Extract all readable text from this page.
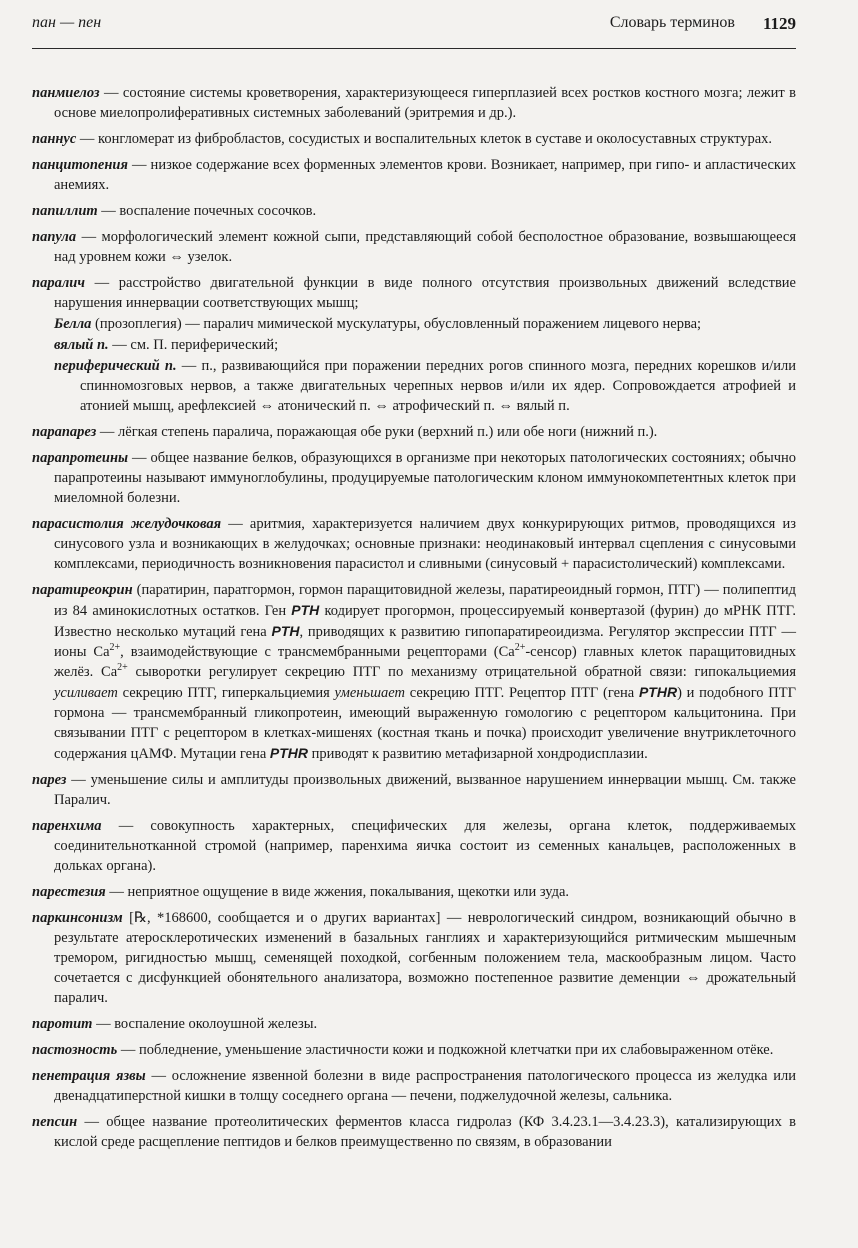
пан — пен	Словарь терминов 1129

панмиелоз — состояние системы кроветворения, характеризующееся гиперплазией всех ростков костного мозга; лежит в основе миелопролиферативных системных заболеваний (эритремия и др.).

паннус — конгломерат из фибробластов, сосудистых и воспалительных клеток в суставе и околосуставных структурах.

панцитопения — низкое содержание всех форменных элементов крови. Возникает, например, при гипо- и апластических анемиях.

папиллит — воспаление почечных сосочков.

папула — морфологический элемент кожной сыпи, представляющий собой бесполостное образование, возвышающееся над уровнем кожи ⇔ узелок.

паралич — расстройство двигательной функции в виде полного отсутствия произвольных движений вследствие нарушения иннервации соответствующих мышц;

Белла (прозоплегия) — паралич мимической мускулатуры, обусловленный поражением лицевого нерва;

вялый п. — см. П. периферический;

периферический п. — п., развивающийся при поражении передних рогов спинного мозга, передних корешков и/или спинномозговых нервов, а также двигательных черепных нервов и/или их ядер. Сопровождается атрофией и атонией мышц, арефлексией ⇔ атонический п. ⇔ атрофический п. ⇔ вялый п.

парапарез — лёгкая степень паралича, поражающая обе руки (верхний п.) или обе ноги (нижний п.).

парапротеины — общее название белков, образующихся в организме при некоторых патологических состояниях; обычно парапротеины называют иммуноглобулины, продуцируемые патологическим клоном иммунокомпетентных клеток при миеломной болезни.

парасистолия желудочковая — аритмия, характеризуется наличием двух конкурирующих ритмов, проводящихся из синусового узла и возникающих в желудочках; основные признаки: неодинаковый интервал сцепления с синусовыми комплексами, периодичность возникновения парасистол и сливными (синусовый + парасистолический) комплексами.

паратиреокрин (паратирин, паратгормон, гормон паращитовидной железы, паратиреоидный гормон, ПТГ) — полипептид из 84 аминокислотных остатков. Ген PTH кодирует прогормон, процессируемый конвертазой (фурин) до мРНК ПТГ. Известно несколько мутаций гена PTH, приводящих к развитию гипопаратиреоидизма. Регулятор экспрессии ПТГ — ионы $Ca^{2+}$, взаимодействующие с трансмембранными рецепторами $(Ca^{2+}-сенсор)$ главных клеток паращитовидных желёз. $Ca^{2+}$ сыворотки регулирует секрецию ПТГ по механизму отрицательной обратной связи: гипокальциемия усиливает секрецию ПТГ, гиперкальциемия уменьшает секрецию ПТГ. Рецептор ПТГ (гена PTHR) и подобного ПТГ гормона — трансмембранный гликопротеин, имеющий выраженную гомологию с рецептором кальцитонина. При связывании ПТГ с рецептором в клетках-мишенях (костная ткань и почка) происходит увеличение внутриклеточного содержания цАМФ. Мутации гена PTHR приводят к развитию метафизарной хондродисплазии.

парез — уменьшение силы и амплитуды произвольных движений, вызванное нарушением иннервации мышц. См. также Паралич.

паренхима — совокупность характерных, специфических для железы, органа клеток, поддерживаемых соединительнотканной стромой (например, паренхима яичка состоит из семенных канальцев, расположенных в дольках органа).

парестезия — неприятное ощущение в виде жжения, покалывания, щекотки или зуда.

паркинсонизм [℞, *168600, сообщается и о других вариантах] — неврологический синдром, возникающий обычно в результате атеросклеротических изменений в базальных ганглиях и характеризующийся ритмическим мышечным тремором, ригидностью мышц, семенящей походкой, согбенным положением тела, маскообразным лицом. Часто сочетается с дисфункцией обонятельного анализатора, возможно постепенное развитие деменции ⇔ дрожательный паралич.

паротит — воспаление околоушной железы.

пастозность — побледнение, уменьшение эластичности кожи и подкожной клетчатки при их слабовыраженном отёке.

пенетрация язвы — осложнение язвенной болезни в виде распространения патологического процесса из желудка или двенадцатиперстной кишки в толщу соседнего органа — печени, поджелудочной железы, сальника.

пепсин — общее название протеолитических ферментов класса гидролаз (КФ 3.4.23.1—3.4.23.3), катализирующих в кислой среде расщепление пептидов и белков преимущественно по связям, в образовании
